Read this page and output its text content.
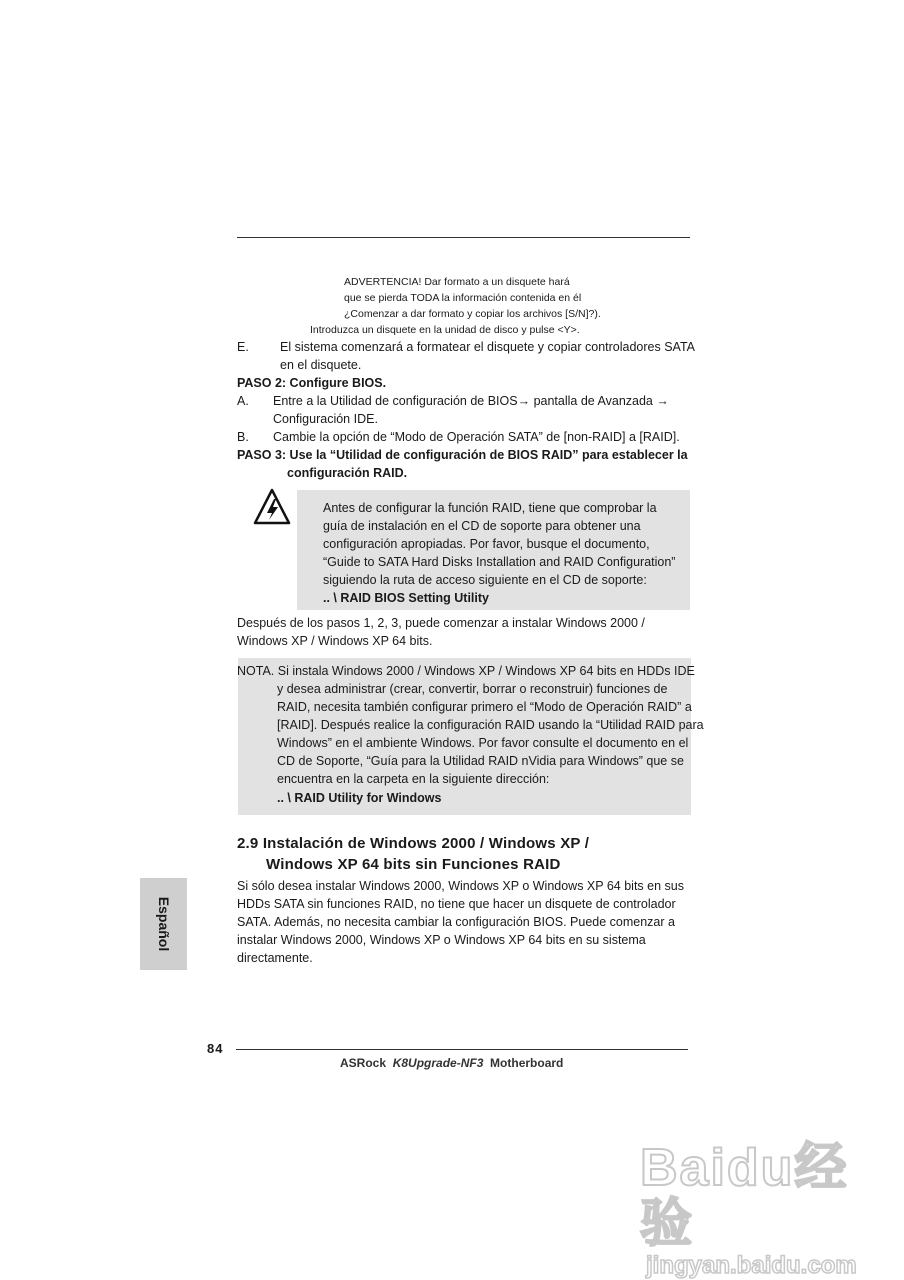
ADVERTENCIA! Dar formato a un disquete hará
que se pierda TODA la información contenida en él
¿Comenzar a dar formato y copiar los archivos [S/N]?).
Introduzca un disquete en la unidad de disco y pulse <Y>.
E. El sistema comenzará a formatear el disquete y copiar controladores SATA
en el disquete.
PASO 2: Configure BIOS.
A. Entre a la Utilidad de configuración de BIOS→ pantalla de Avanzada →
Configuración IDE.
B. Cambie la opción de “Modo de Operación SATA” de [non-RAID] a [RAID].
PASO 3: Use la “Utilidad de configuración de BIOS RAID” para establecer la
configuración RAID.
Antes de configurar la función RAID, tiene que comprobar la
guía de instalación en el CD de soporte para obtener una
configuración apropiadas. Por favor, busque el documento,
“Guide to SATA Hard Disks Installation and RAID Configuration”
siguiendo la ruta de acceso siguiente en el CD de soporte:
.. \ RAID BIOS Setting Utility
Después de los pasos 1, 2, 3, puede comenzar a instalar Windows 2000 /
Windows XP / Windows XP 64 bits.
NOTA. Si instala Windows 2000 / Windows XP / Windows XP 64 bits en HDDs IDE
y desea administrar (crear, convertir, borrar o reconstruir) funciones de
RAID, necesita también configurar primero el “Modo de Operación RAID” a
[RAID]. Después realice la configuración RAID usando la “Utilidad RAID para
Windows” en el ambiente Windows. Por favor consulte el documento en el
CD de Soporte, “Guía para la Utilidad RAID nVidia para Windows” que se
encuentra en la carpeta en la siguiente dirección:
.. \ RAID Utility for Windows
2.9 Instalación de Windows 2000 / Windows XP /
Windows XP 64 bits sin Funciones RAID
Si sólo desea instalar Windows 2000, Windows XP o Windows XP 64 bits en sus
HDDs SATA sin funciones RAID, no tiene que hacer un disquete de controlador
SATA. Además, no necesita cambiar la configuración BIOS. Puede comenzar a
instalar Windows 2000, Windows XP o Windows XP 64 bits en su sistema
directamente.
Español
84
ASRock K8Upgrade-NF3 Motherboard
Baidu经验
jingyan.baidu.com
